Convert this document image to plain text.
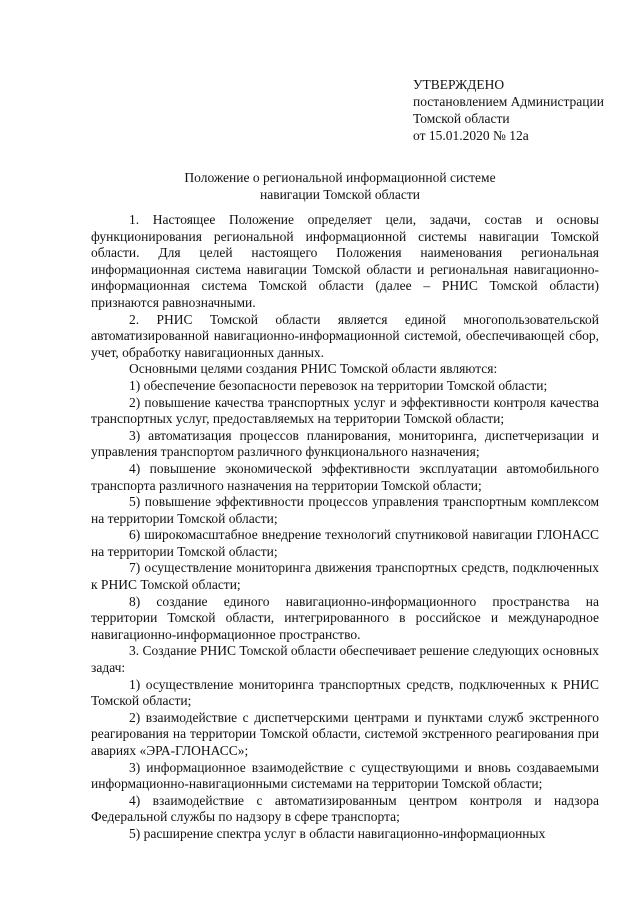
УТВЕРЖДЕНО
постановлением Администрации
Томской области
от 15.01.2020 № 12а
Положение о региональной информационной системе
навигации Томской области

1. Настоящее Положение определяет цели, задачи, состав и основы функционирования региональной информационной системы навигации Томской области. Для целей настоящего Положения наименования региональная информационная система навигации Томской области и региональная навигационно-информационная система Томской области (далее – РНИС Томской области) признаются равнозначными.

2. РНИС Томской области является единой многопользовательской автоматизированной навигационно-информационной системой, обеспечивающей сбор, учет, обработку навигационных данных.

Основными целями создания РНИС Томской области являются:

1) обеспечение безопасности перевозок на территории Томской области;

2) повышение качества транспортных услуг и эффективности контроля качества транспортных услуг, предоставляемых на территории Томской области;

3) автоматизация процессов планирования, мониторинга, диспетчеризации и управления транспортом различного функционального назначения;

4) повышение экономической эффективности эксплуатации автомобильного транспорта различного назначения на территории Томской области;

5) повышение эффективности процессов управления транспортным комплексом на территории Томской области;

6) широкомасштабное внедрение технологий спутниковой навигации ГЛОНАСС на территории Томской области;

7) осуществление мониторинга движения транспортных средств, подключенных к РНИС Томской области;

8) создание единого навигационно-информационного пространства на территории Томской области, интегрированного в российское и международное навигационно-информационное пространство.

3. Создание РНИС Томской области обеспечивает решение следующих основных задач:

1) осуществление мониторинга транспортных средств, подключенных к РНИС Томской области;

2) взаимодействие с диспетчерскими центрами и пунктами служб экстренного реагирования на территории Томской области, системой экстренного реагирования при авариях «ЭРА-ГЛОНАСС»;

3) информационное взаимодействие с существующими и вновь создаваемыми информационно-навигационными системами на территории Томской области;

4) взаимодействие с автоматизированным центром контроля и надзора Федеральной службы по надзору в сфере транспорта;

5) расширение спектра услуг в области навигационно-информационных
